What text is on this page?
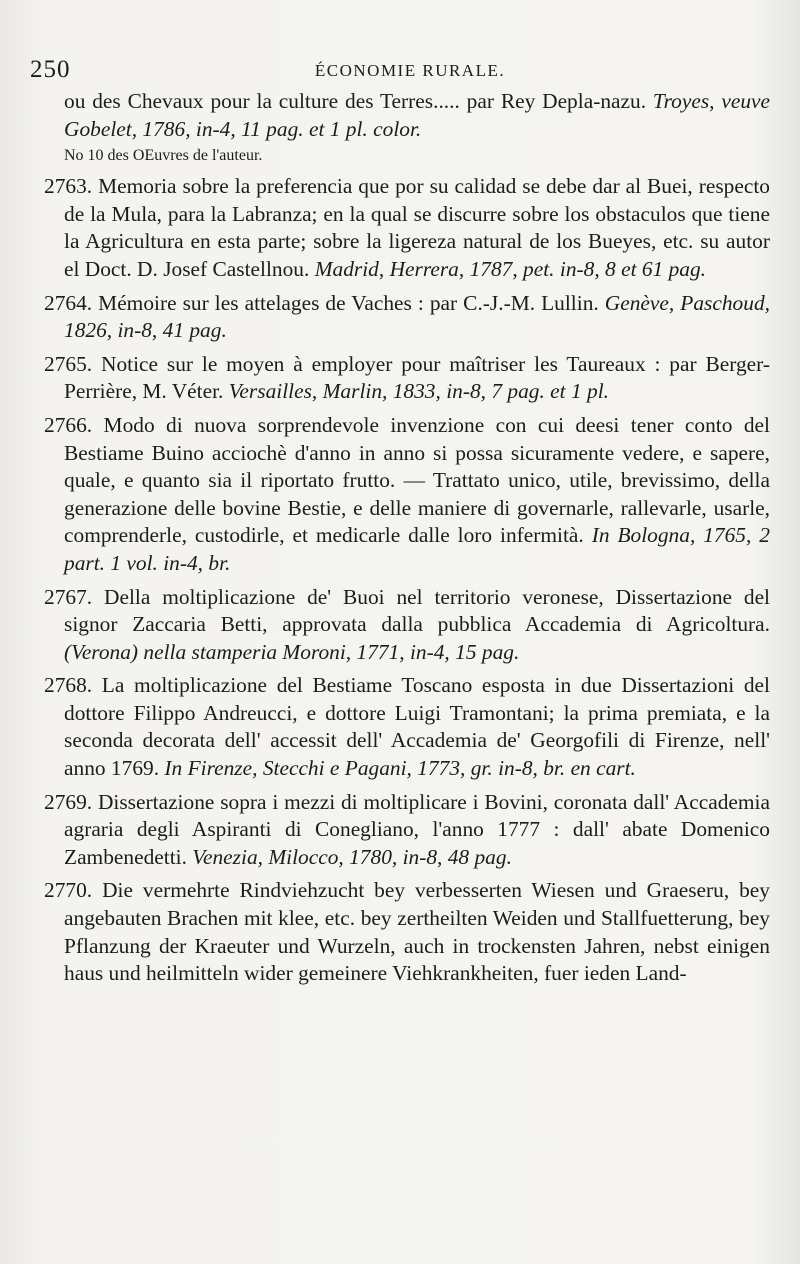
250	ÉCONOMIE RURALE.

ou des Chevaux pour la culture des Terres..... par Rey Depla-nazu. Troyes, veuve Gobelet, 1786, in-4, 11 pag. et 1 pl. color.

No 10 des OEuvres de l'auteur.

2763. Memoria sobre la preferencia que por su calidad se debe dar al Buei, respecto de la Mula, para la Labranza; en la qual se discurre sobre los obstaculos que tiene la Agricultura en esta parte; sobre la ligereza natural de los Bueyes, etc. su autor el Doct. D. Josef Castellnou. Madrid, Herrera, 1787, pet. in-8, 8 et 61 pag.

2764. Mémoire sur les attelages de Vaches : par C.-J.-M. Lullin. Genève, Paschoud, 1826, in-8, 41 pag.

2765. Notice sur le moyen à employer pour maîtriser les Taureaux : par Berger-Perrière, M. Véter. Versailles, Marlin, 1833, in-8, 7 pag. et 1 pl.

2766. Modo di nuova sorprendevole invenzione con cui deesi tener conto del Bestiame Buino acciochè d'anno in anno si possa sicuramente vedere, e sapere, quale, e quanto sia il riportato frutto. — Trattato unico, utile, brevissimo, della generazione delle bovine Bestie, e delle maniere di governarle, rallevarle, usarle, comprenderle, custodirle, et medicarle dalle loro infermità. In Bologna, 1765, 2 part. 1 vol. in-4, br.

2767. Della moltiplicazione de' Buoi nel territorio veronese, Dissertazione del signor Zaccaria Betti, approvata dalla pubblica Accademia di Agricoltura. (Verona) nella stamperia Moroni, 1771, in-4, 15 pag.

2768. La moltiplicazione del Bestiame Toscano esposta in due Dissertazioni del dottore Filippo Andreucci, e dottore Luigi Tramontani; la prima premiata, e la seconda decorata dell' accessit dell' Accademia de' Georgofili di Firenze, nell' anno 1769. In Firenze, Stecchi e Pagani, 1773, gr. in-8, br. en cart.

2769. Dissertazione sopra i mezzi di moltiplicare i Bovini, coronata dall' Accademia agraria degli Aspiranti di Conegliano, l'anno 1777 : dall' abate Domenico Zambenedetti. Venezia, Milocco, 1780, in-8, 48 pag.

2770. Die vermehrte Rindviehzucht bey verbesserten Wiesen und Graeseru, bey angebauten Brachen mit klee, etc. bey zertheilten Weiden und Stallfuetterung, bey Pflanzung der Kraeuter und Wurzeln, auch in trockensten Jahren, nebst einigen haus und heilmitteln wider gemeinere Viehkrankheiten, fuer ieden Land-
